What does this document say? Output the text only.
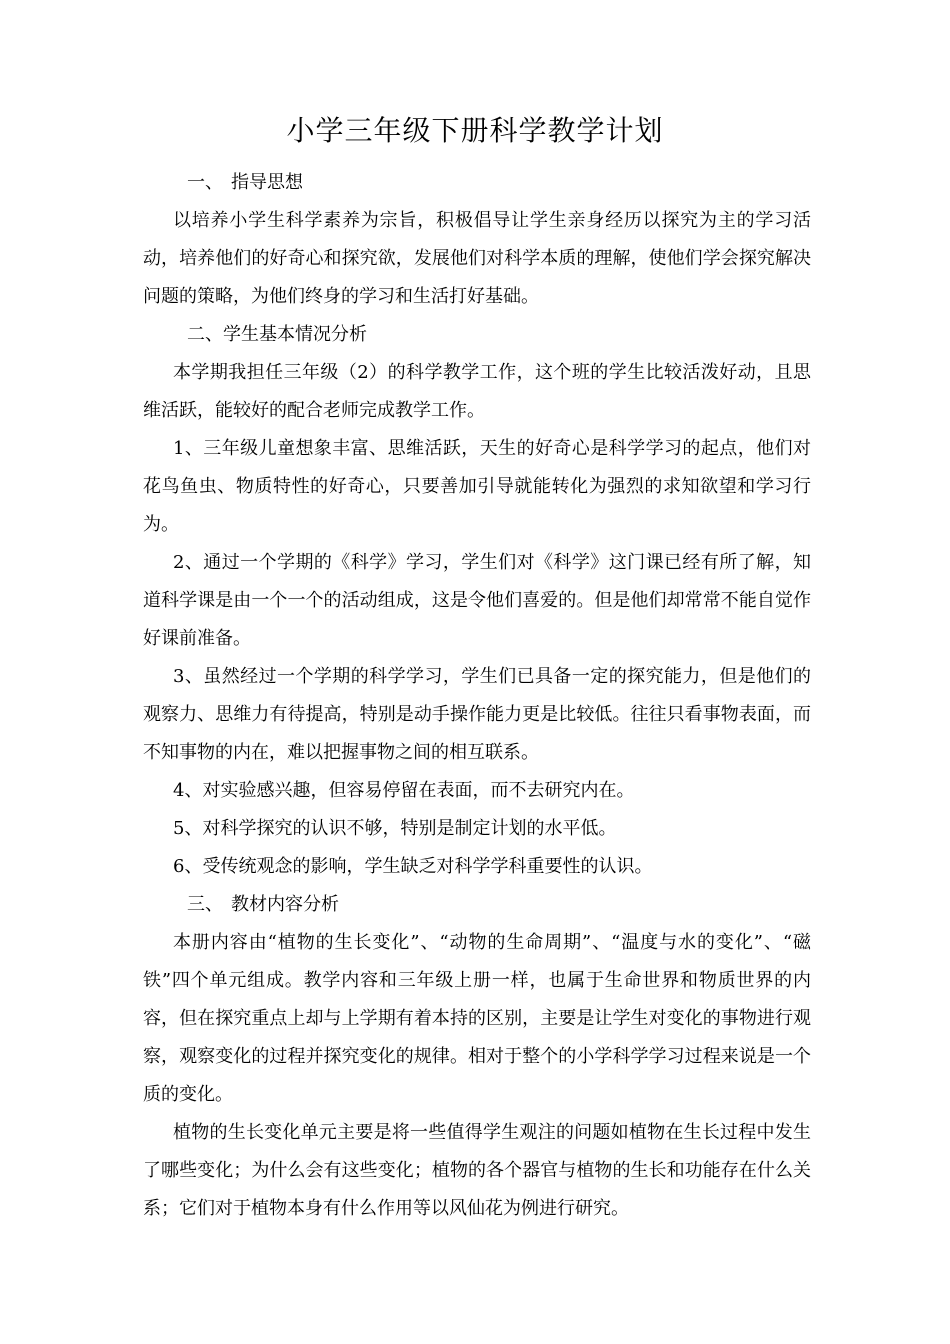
小学三年级下册科学教学计划

一、 指导思想

以培养小学生科学素养为宗旨，积极倡导让学生亲身经历以探究为主的学习活动，培养他们的好奇心和探究欲，发展他们对科学本质的理解，使他们学会探究解决问题的策略，为他们终身的学习和生活打好基础。

二、学生基本情况分析

本学期我担任三年级（2）的科学教学工作，这个班的学生比较活泼好动，且思维活跃，能较好的配合老师完成教学工作。

1、三年级儿童想象丰富、思维活跃，天生的好奇心是科学学习的起点，他们对花鸟鱼虫、物质特性的好奇心，只要善加引导就能转化为强烈的求知欲望和学习行为。

2、通过一个学期的《科学》学习，学生们对《科学》这门课已经有所了解，知道科学课是由一个一个的活动组成，这是令他们喜爱的。但是他们却常常不能自觉作好课前准备。

3、虽然经过一个学期的科学学习，学生们已具备一定的探究能力，但是他们的观察力、思维力有待提高，特别是动手操作能力更是比较低。往往只看事物表面，而不知事物的内在，难以把握事物之间的相互联系。

4、对实验感兴趣，但容易停留在表面，而不去研究内在。

5、对科学探究的认识不够，特别是制定计划的水平低。

6、受传统观念的影响，学生缺乏对科学学科重要性的认识。

三、 教材内容分析

本册内容由“植物的生长变化”、“动物的生命周期”、“温度与水的变化”、“磁铁”四个单元组成。教学内容和三年级上册一样，也属于生命世界和物质世界的内容，但在探究重点上却与上学期有着本持的区别，主要是让学生对变化的事物进行观察，观察变化的过程并探究变化的规律。相对于整个的小学科学学习过程来说是一个质的变化。

植物的生长变化单元主要是将一些值得学生观注的问题如植物在生长过程中发生了哪些变化；为什么会有这些变化；植物的各个器官与植物的生长和功能存在什么关系；它们对于植物本身有什么作用等以风仙花为例进行研究。
